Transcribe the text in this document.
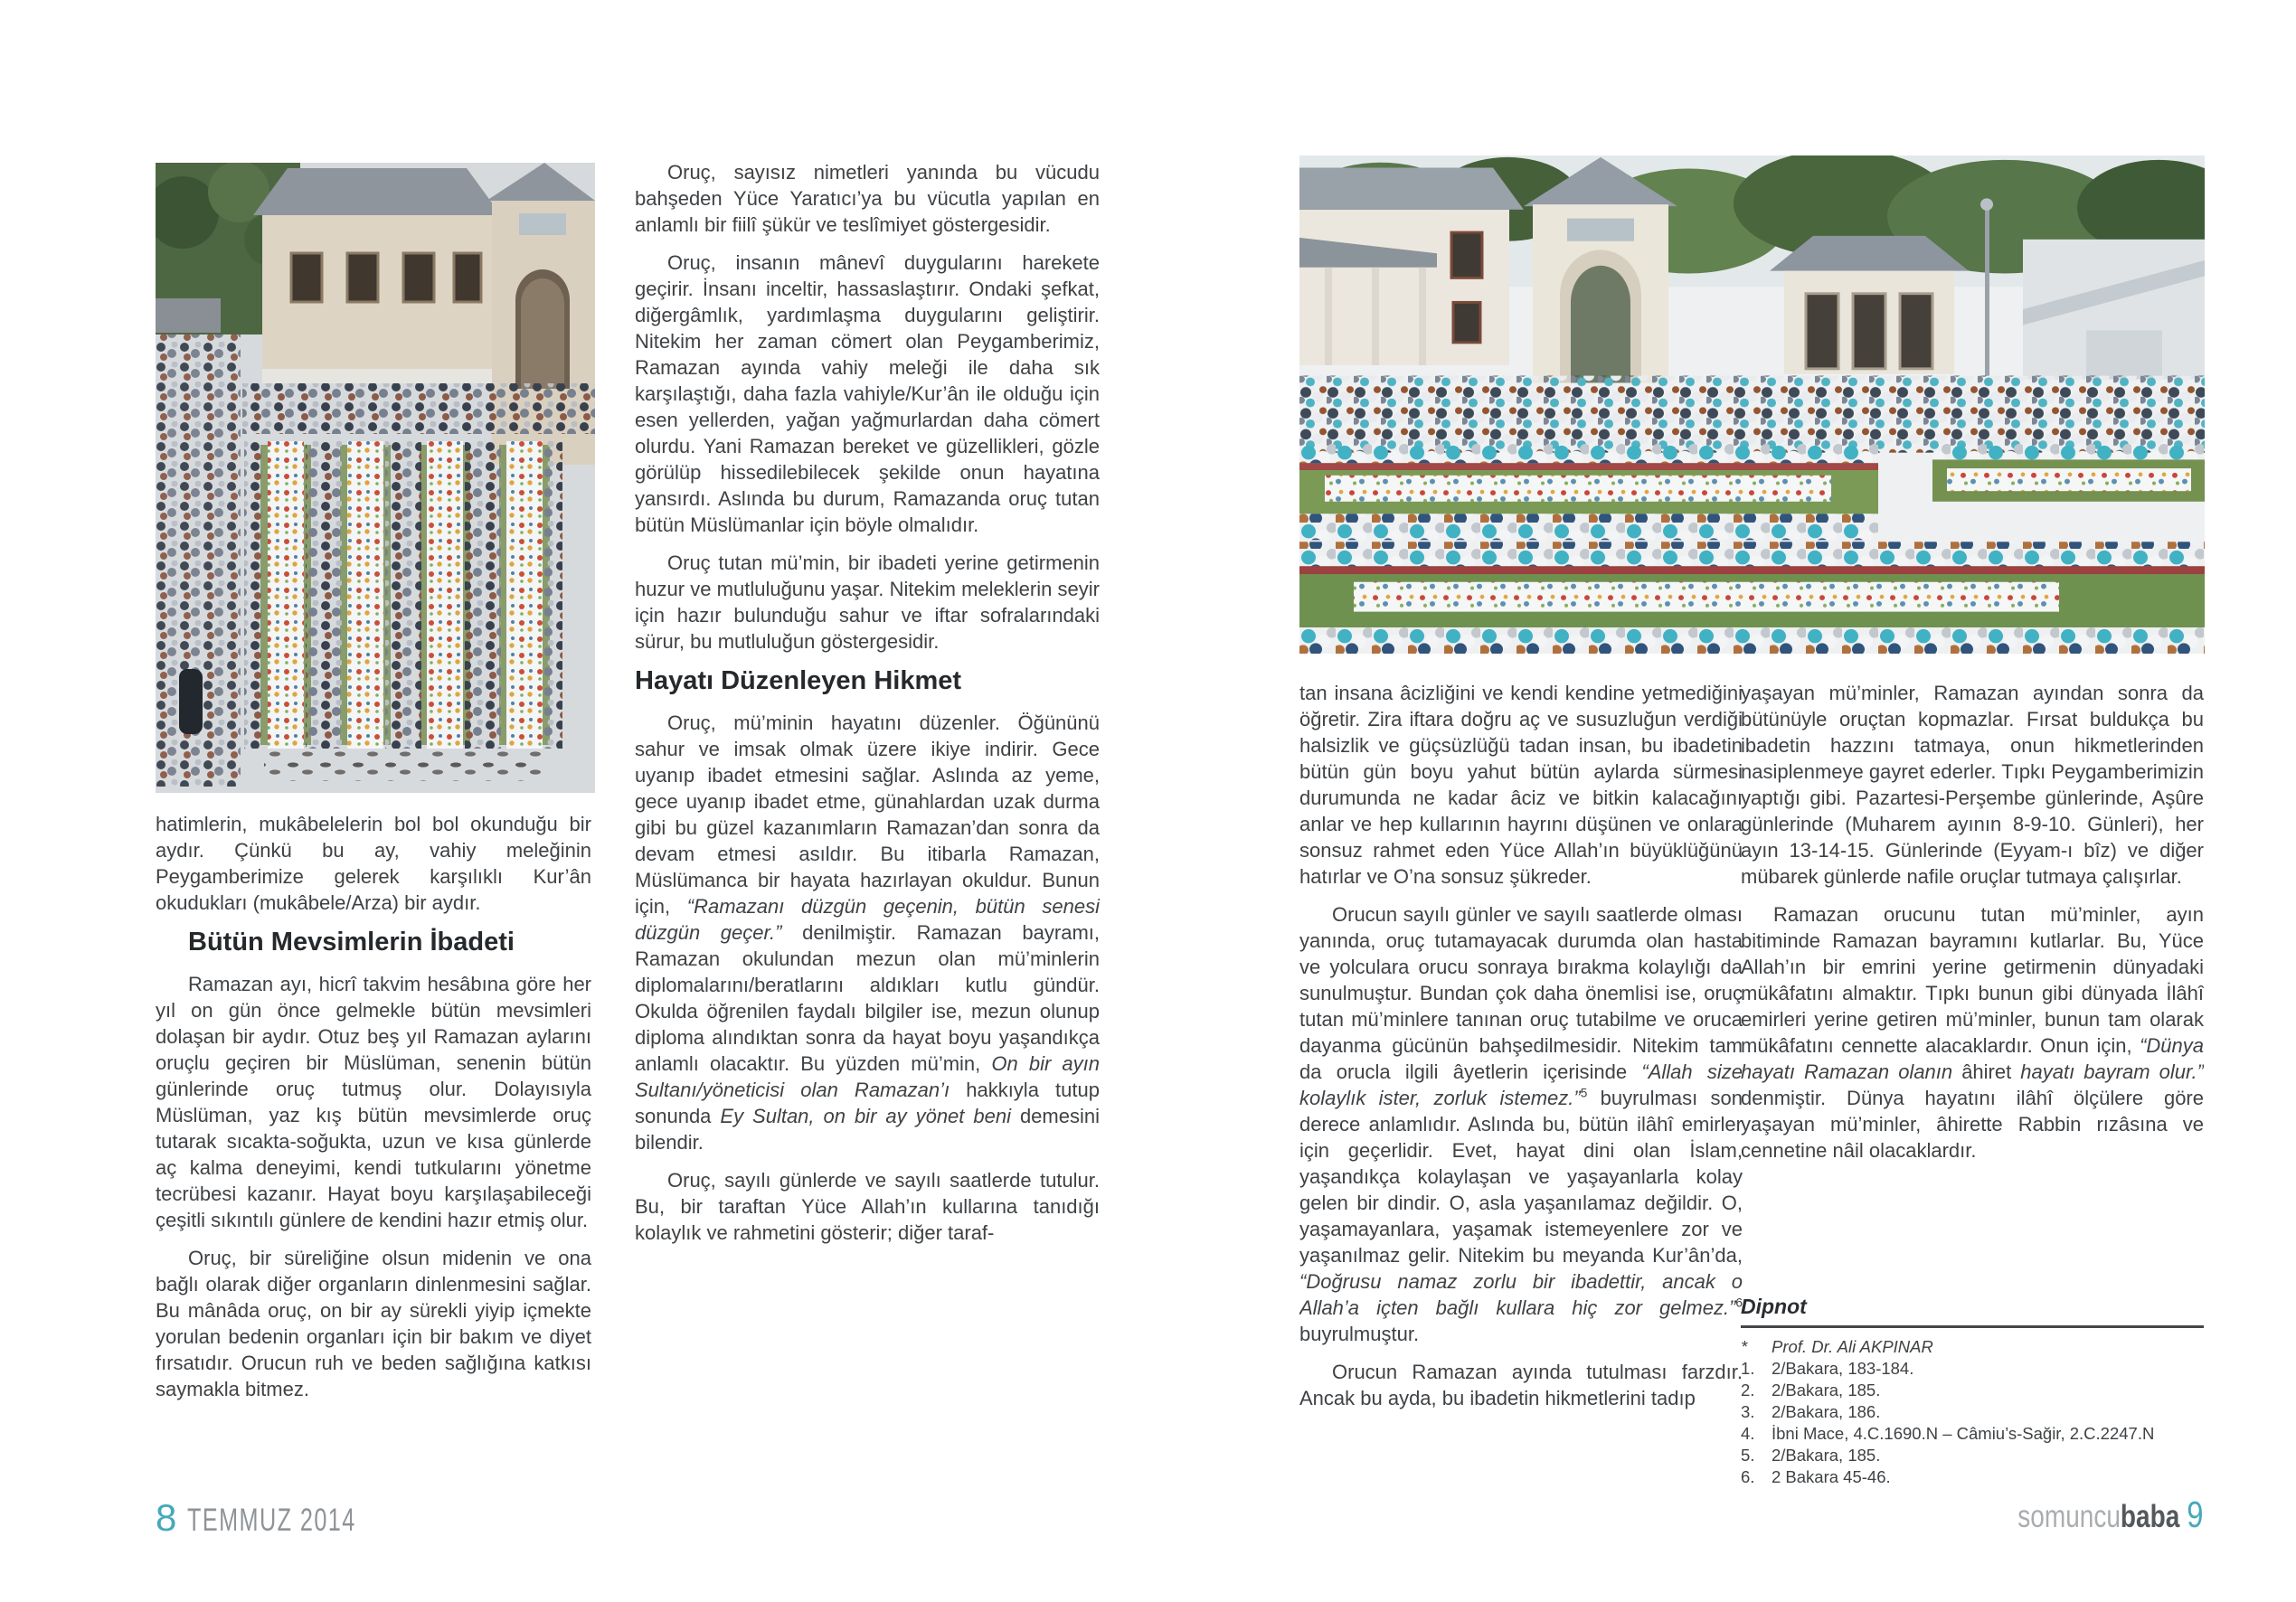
hatimlerin, mukâbelelerin bol bol okunduğu bir aydır. Çünkü bu ay, vahiy meleğinin Peygamberimize gelerek karşılıklı Kur’ân okudukları (mukâbele/Arza) bir aydır.

Bütün Mevsimlerin İbadeti

Ramazan ayı, hicrî takvim hesâbına göre her yıl on gün önce gelmekle bütün mevsimleri dolaşan bir aydır. Otuz beş yıl Ramazan aylarını oruçlu geçiren bir Müslüman, senenin bütün günlerinde oruç tutmuş olur. Dolayısıyla Müslüman, yaz kış bütün mevsimlerde oruç tutarak sıcakta-soğukta, uzun ve kısa günlerde aç kalma deneyimi, kendi tutkularını yönetme tecrübesi kazanır. Hayat boyu karşılaşabileceği çeşitli sıkıntılı günlere de kendini hazır etmiş olur.

Oruç, bir süreliğine olsun midenin ve ona bağlı olarak diğer organların dinlenmesini sağlar. Bu mânâda oruç, on bir ay sürekli yiyip içmekte yorulan bedenin organları için bir bakım ve diyet fırsatıdır. Orucun ruh ve beden sağlığına katkısı saymakla bitmez.

Oruç, sayısız nimetleri yanında bu vücudu bahşeden Yüce Yaratıcı’ya bu vücutla yapılan en anlamlı bir fiilî şükür ve teslîmiyet göstergesidir.

Oruç, insanın mânevî duygularını harekete geçirir. İnsanı inceltir, hassaslaştırır. Ondaki şefkat, diğergâmlık, yardımlaşma duygularını geliştirir. Nitekim her zaman cömert olan Peygamberimiz, Ramazan ayında vahiy meleği ile daha sık karşılaştığı, daha fazla vahiyle/Kur’ân ile olduğu için esen yellerden, yağan yağmurlardan daha cömert olurdu. Yani Ramazan bereket ve güzellikleri, gözle görülüp hissedilebilecek şekilde onun hayatına yansırdı. Aslında bu durum, Ramazanda oruç tutan bütün Müslümanlar için böyle olmalıdır.

Oruç tutan mü’min, bir ibadeti yerine getirmenin huzur ve mutluluğunu yaşar. Nitekim meleklerin seyir için hazır bulunduğu sahur ve iftar sofralarındaki sürur, bu mutluluğun göstergesidir.

Hayatı Düzenleyen Hikmet

Oruç, mü’minin hayatını düzenler. Öğününü sahur ve imsak olmak üzere ikiye indirir. Gece uyanıp ibadet etmesini sağlar. Aslında az yeme, gece uyanıp ibadet etme, günahlardan uzak durma gibi bu güzel kazanımların Ramazan’dan sonra da devam etmesi asıldır. Bu itibarla Ramazan, Müslümanca bir hayata hazırlayan okuldur. Bunun için, “Ramazanı düzgün geçenin, bütün senesi düzgün geçer.” denilmiştir. Ramazan bayramı, Ramazan okulundan mezun olan mü’minlerin diplomalarını/beratlarını aldıkları kutlu gündür. Okulda öğrenilen faydalı bilgiler ise, mezun olunup diploma alındıktan sonra da hayat boyu yaşandıkça anlamlı olacaktır. Bu yüzden mü’min, On bir ayın Sultanı/yöneticisi olan Ramazan’ı hakkıyla tutup sonunda Ey Sultan, on bir ay yönet beni demesini bilendir.

Oruç, sayılı günlerde ve sayılı saatlerde tutulur. Bu, bir taraftan Yüce Allah’ın kullarına tanıdığı kolaylık ve rahmetini gösterir; diğer taraf-

8 TEMMUZ 2014

tan insana âcizliğini ve kendi kendine yetmediğini öğretir. Zira iftara doğru aç ve susuzluğun verdiği halsizlik ve güçsüzlüğü tadan insan, bu ibadetin bütün gün boyu yahut bütün aylarda sürmesi durumunda ne kadar âciz ve bitkin kalacağını anlar ve hep kullarının hayrını düşünen ve onlara sonsuz rahmet eden Yüce Allah’ın büyüklüğünü hatırlar ve O’na sonsuz şükreder.

Orucun sayılı günler ve sayılı saatlerde olması yanında, oruç tutamayacak durumda olan hasta ve yolculara orucu sonraya bırakma kolaylığı da sunulmuştur. Bundan çok daha önemlisi ise, oruç tutan mü’minlere tanınan oruç tutabilme ve oruca dayanma gücünün bahşedilmesidir. Nitekim tam da orucla ilgili âyetlerin içerisinde “Allah size kolaylık ister, zorluk istemez.”$^5$ buyrulması son derece anlamlıdır. Aslında bu, bütün ilâhî emirler için geçerlidir. Evet, hayat dini olan İslam, yaşandıkça kolaylaşan ve yaşayanlarla kolay gelen bir dindir. O, asla yaşanılamaz değildir. O, yaşamayanlara, yaşamak istemeyenlere zor ve yaşanılmaz gelir. Nitekim bu meyanda Kur’ân’da, “Doğrusu namaz zorlu bir ibadettir, ancak o Allah’a içten bağlı kullara hiç zor gelmez.”$^6$ buyrulmuştur.

Orucun Ramazan ayında tutulması farzdır. Ancak bu ayda, bu ibadetin hikmetlerini tadıp

yaşayan mü’minler, Ramazan ayından sonra da bütünüyle oruçtan kopmazlar. Fırsat buldukça bu ibadetin hazzını tatmaya, onun hikmetlerinden nasiplenmeye gayret ederler. Tıpkı Peygamberimizin yaptığı gibi. Pazartesi-Perşembe günlerinde, Aşûre günlerinde (Muharem ayının 8-9-10. Günleri), her ayın 13-14-15. Günlerinde (Eyyam-ı bîz) ve diğer mübarek günlerde nafile oruçlar tutmaya çalışırlar.

Ramazan orucunu tutan mü’minler, ayın bitiminde Ramazan bayramını kutlarlar. Bu, Yüce Allah’ın bir emrini yerine getirmenin dünyadaki mükâfatını almaktır. Tıpkı bunun gibi dünyada İlâhî emirleri yerine getiren mü’minler, bunun tam olarak mükâfatını cennette alacaklardır. Onun için, “Dünya hayatı Ramazan olanın âhiret hayatı bayram olur.” denmiştir. Dünya hayatını ilâhî ölçülere göre yaşayan mü’minler, âhirette Rabbin rızâsına ve cennetine nâil olacaklardır.

Dipnot
*	Prof. Dr. Ali AKPINAR
1.	2/Bakara, 183-184.
2.	2/Bakara, 185.
3.	2/Bakara, 186.
4.	İbni Mace, 4.C.1690.N – Câmiu’s-Sağir, 2.C.2247.N
5.	2/Bakara, 185.
6.	2 Bakara 45-46.
somuncubaba 9
